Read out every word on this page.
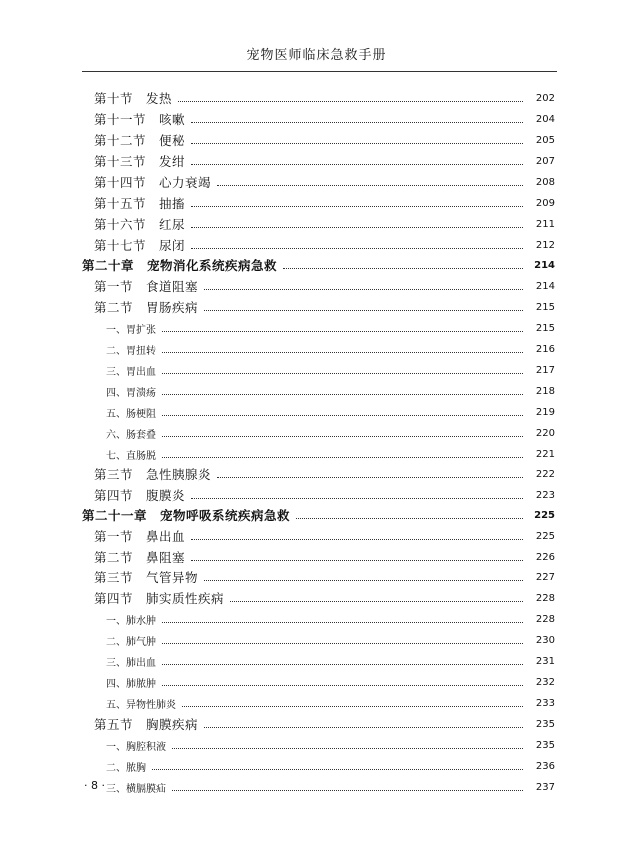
宠物医师临床急救手册
第十节　发热	202
第十一节　咳嗽	204
第十二节　便秘	205
第十三节　发绀	207
第十四节　心力衰竭	208
第十五节　抽搐	209
第十六节　红尿	211
第十七节　尿闭	212
第二十章　宠物消化系统疾病急救	214
第一节　食道阻塞	214
第二节　胃肠疾病	215
一、胃扩张	215
二、胃扭转	216
三、胃出血	217
四、胃溃疡	218
五、肠梗阻	219
六、肠套叠	220
七、直肠脱	221
第三节　急性胰腺炎	222
第四节　腹膜炎	223
第二十一章　宠物呼吸系统疾病急救	225
第一节　鼻出血	225
第二节　鼻阻塞	226
第三节　气管异物	227
第四节　肺实质性疾病	228
一、肺水肿	228
二、肺气肿	230
三、肺出血	231
四、肺脓肿	232
五、异物性肺炎	233
第五节　胸膜疾病	235
一、胸腔积液	235
二、脓胸	236
三、横膈膜疝	237
· 8 ·
